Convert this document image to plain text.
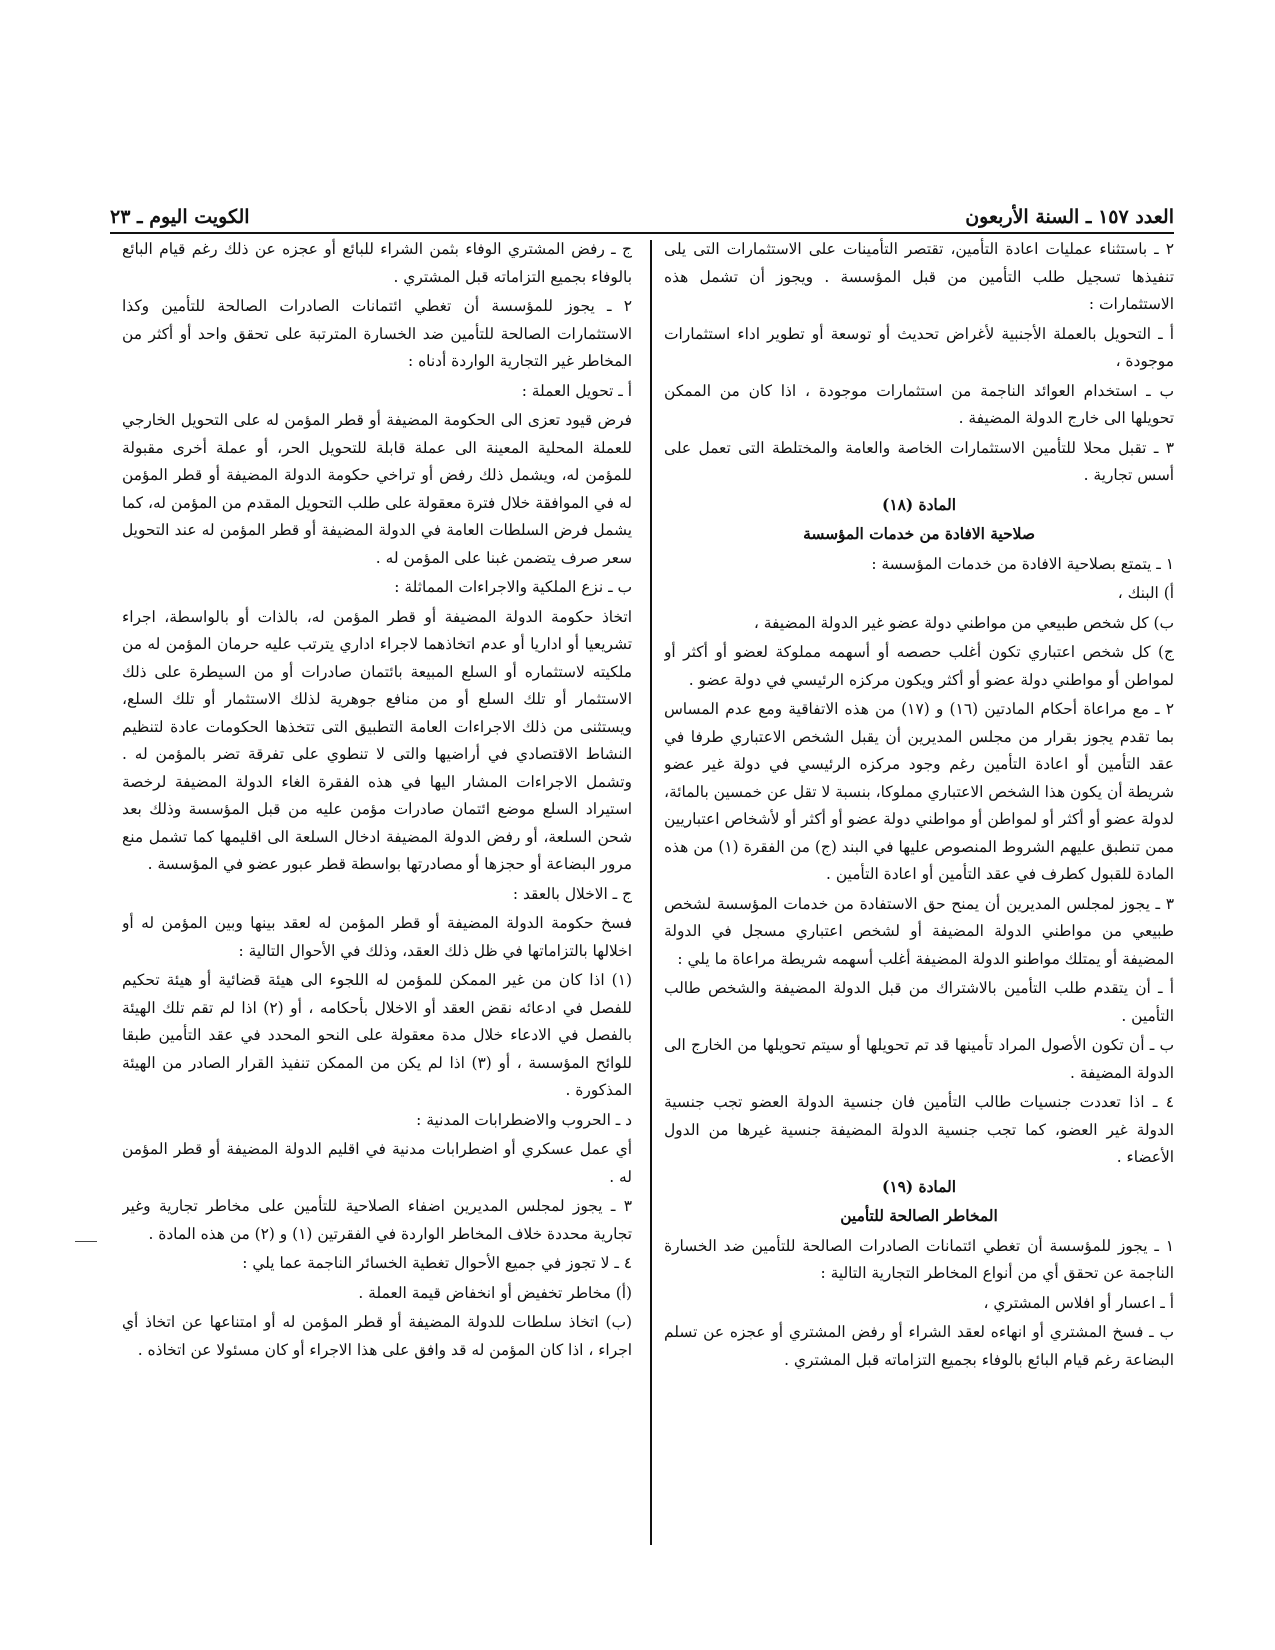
العدد ١٥٧ ـ السنة الأربعون
الكويت اليوم ـ ٢٣

٢ ـ باستثناء عمليات اعادة التأمين، تقتصر التأمينات على الاستثمارات التى يلى تنفيذها تسجيل طلب التأمين من قبل المؤسسة . ويجوز أن تشمل هذه الاستثمارات :

أ ـ التحويل بالعملة الأجنبية لأغراض تحديث أو توسعة أو تطوير اداء استثمارات موجودة ،

ب ـ استخدام العوائد الناجمة من استثمارات موجودة ، اذا كان من الممكن تحويلها الى خارج الدولة المضيفة .

٣ ـ تقبل محلا للتأمين الاستثمارات الخاصة والعامة والمختلطة التى تعمل على أسس تجارية .

المادة (١٨)

صلاحية الافادة من خدمات المؤسسة

١ ـ يتمتع بصلاحية الافادة من خدمات المؤسسة :

أ) البنك ،

ب) كل شخص طبيعي من مواطني دولة عضو غير الدولة المضيفة ،

ج) كل شخص اعتباري تكون أغلب حصصه أو أسهمه مملوكة لعضو أو أكثر أو لمواطن أو مواطني دولة عضو أو أكثر ويكون مركزه الرئيسي في دولة عضو .

٢ ـ مع مراعاة أحكام المادتين (١٦) و (١٧) من هذه الاتفاقية ومع عدم المساس بما تقدم يجوز بقرار من مجلس المديرين أن يقبل الشخص الاعتباري طرفا في عقد التأمين أو اعادة التأمين رغم وجود مركزه الرئيسي في دولة غير عضو شريطة أن يكون هذا الشخص الاعتباري مملوكا، بنسبة لا تقل عن خمسين بالمائة، لدولة عضو أو أكثر أو لمواطن أو مواطني دولة عضو أو أكثر أو لأشخاص اعتباريين ممن تنطبق عليهم الشروط المنصوص عليها في البند (ج) من الفقرة (١) من هذه المادة للقبول كطرف في عقد التأمين أو اعادة التأمين .

٣ ـ يجوز لمجلس المديرين أن يمنح حق الاستفادة من خدمات المؤسسة لشخص طبيعي من مواطني الدولة المضيفة أو لشخص اعتباري مسجل في الدولة المضيفة أو يمتلك مواطنو الدولة المضيفة أغلب أسهمه شريطة مراعاة ما يلي :

أ ـ أن يتقدم طلب التأمين بالاشتراك من قبل الدولة المضيفة والشخص طالب التأمين .

ب ـ أن تكون الأصول المراد تأمينها قد تم تحويلها أو سيتم تحويلها من الخارج الى الدولة المضيفة .

٤ ـ اذا تعددت جنسيات طالب التأمين فان جنسية الدولة العضو تجب جنسية الدولة غير العضو، كما تجب جنسية الدولة المضيفة جنسية غيرها من الدول الأعضاء .

المادة (١٩)

المخاطر الصالحة للتأمين

١ ـ يجوز للمؤسسة أن تغطي ائتمانات الصادرات الصالحة للتأمين ضد الخسارة الناجمة عن تحقق أي من أنواع المخاطر التجارية التالية :

أ ـ اعسار أو افلاس المشتري ،

ب ـ فسخ المشتري أو انهاءه لعقد الشراء أو رفض المشتري أو عجزه عن تسلم البضاعة رغم قيام البائع بالوفاء بجميع التزاماته قبل المشتري .

ج ـ رفض المشتري الوفاء بثمن الشراء للبائع أو عجزه عن ذلك رغم قيام البائع بالوفاء بجميع التزاماته قبل المشتري .

٢ ـ يجوز للمؤسسة أن تغطي ائتمانات الصادرات الصالحة للتأمين وكذا الاستثمارات الصالحة للتأمين ضد الخسارة المترتبة على تحقق واحد أو أكثر من المخاطر غير التجارية الواردة أدناه :

أ ـ تحويل العملة :

فرض قيود تعزى الى الحكومة المضيفة أو قطر المؤمن له على التحويل الخارجي للعملة المحلية المعينة الى عملة قابلة للتحويل الحر، أو عملة أخرى مقبولة للمؤمن له، ويشمل ذلك رفض أو تراخي حكومة الدولة المضيفة أو قطر المؤمن له في الموافقة خلال فترة معقولة على طلب التحويل المقدم من المؤمن له، كما يشمل فرض السلطات العامة في الدولة المضيفة أو قطر المؤمن له عند التحويل سعر صرف يتضمن غبنا على المؤمن له .

ب ـ نزع الملكية والاجراءات المماثلة :

اتخاذ حكومة الدولة المضيفة أو قطر المؤمن له، بالذات أو بالواسطة، اجراء تشريعيا أو اداريا أو عدم اتخاذهما لاجراء اداري يترتب عليه حرمان المؤمن له من ملكيته لاستثماره أو السلع المبيعة بائتمان صادرات أو من السيطرة على ذلك الاستثمار أو تلك السلع أو من منافع جوهرية لذلك الاستثمار أو تلك السلع، ويستثنى من ذلك الاجراءات العامة التطبيق التى تتخذها الحكومات عادة لتنظيم النشاط الاقتصادي في أراضيها والتى لا تنطوي على تفرقة تضر بالمؤمن له . وتشمل الاجراءات المشار اليها في هذه الفقرة الغاء الدولة المضيفة لرخصة استيراد السلع موضع ائتمان صادرات مؤمن عليه من قبل المؤسسة وذلك بعد شحن السلعة، أو رفض الدولة المضيفة ادخال السلعة الى اقليمها كما تشمل منع مرور البضاعة أو حجزها أو مصادرتها بواسطة قطر عبور عضو في المؤسسة .

ج ـ الاخلال بالعقد :

فسخ حكومة الدولة المضيفة أو قطر المؤمن له لعقد بينها وبين المؤمن له أو اخلالها بالتزاماتها في ظل ذلك العقد، وذلك في الأحوال التالية :

(١) اذا كان من غير الممكن للمؤمن له اللجوء الى هيئة قضائية أو هيئة تحكيم للفصل في ادعائه نقض العقد أو الاخلال بأحكامه ، أو (٢) اذا لم تقم تلك الهيئة بالفصل في الادعاء خلال مدة معقولة على النحو المحدد في عقد التأمين طبقا للوائح المؤسسة ، أو (٣) اذا لم يكن من الممكن تنفيذ القرار الصادر من الهيئة المذكورة .

د ـ الحروب والاضطرابات المدنية :

أي عمل عسكري أو اضطرابات مدنية في اقليم الدولة المضيفة أو قطر المؤمن له .

٣ ـ يجوز لمجلس المديرين اضفاء الصلاحية للتأمين على مخاطر تجارية وغير تجارية محددة خلاف المخاطر الواردة في الفقرتين (١) و (٢) من هذه المادة .

٤ ـ لا تجوز في جميع الأحوال تغطية الخسائر الناجمة عما يلي :

(أ) مخاطر تخفيض أو انخفاض قيمة العملة .

(ب) اتخاذ سلطات للدولة المضيفة أو قطر المؤمن له أو امتناعها عن اتخاذ أي اجراء ، اذا كان المؤمن له قد وافق على هذا الاجراء أو كان مسئولا عن اتخاذه .
